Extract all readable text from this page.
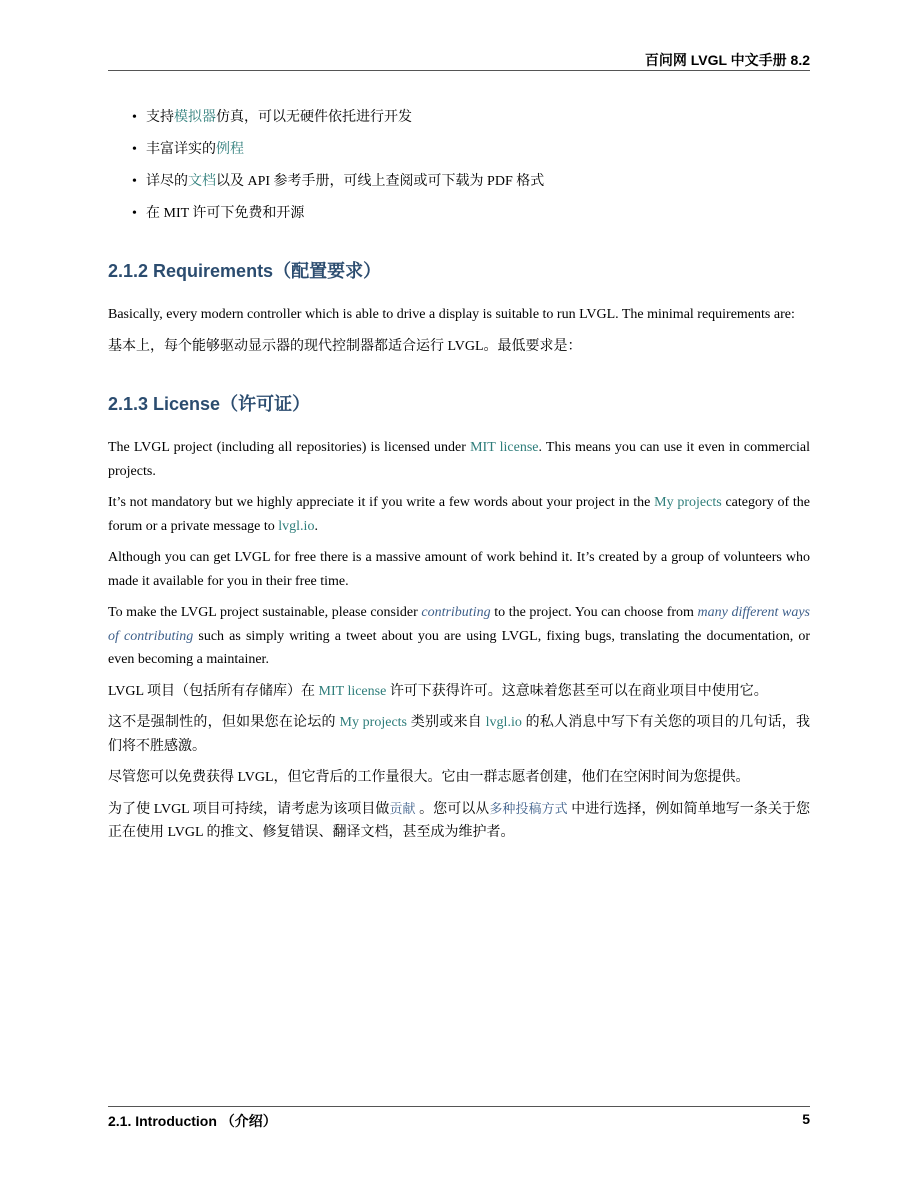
百问网 LVGL 中文手册 8.2
• 支持模拟器仿真，可以无硬件依托进行开发
• 丰富详实的例程
• 详尽的文档以及 API 参考手册，可线上查阅或可下载为 PDF 格式
• 在 MIT 许可下免费和开源
2.1.2 Requirements（配置要求）

Basically, every modern controller which is able to drive a display is suitable to run LVGL. The minimal requirements are:

基本上，每个能够驱动显示器的现代控制器都适合运行 LVGL。最低要求是：

2.1.3 License（许可证）

The LVGL project (including all repositories) is licensed under MIT license. This means you can use it even in commercial projects.

It’s not mandatory but we highly appreciate it if you write a few words about your project in the My projects category of the forum or a private message to lvgl.io.

Although you can get LVGL for free there is a massive amount of work behind it. It’s created by a group of volunteers who made it available for you in their free time.

To make the LVGL project sustainable, please consider contributing to the project. You can choose from many different ways of contributing such as simply writing a tweet about you are using LVGL, fixing bugs, translating the documentation, or even becoming a maintainer.

LVGL 项目（包括所有存储库）在 MIT license 许可下获得许可。这意味着您甚至可以在商业项目中使用它。

这不是强制性的，但如果您在论坛的 My projects 类别或来自 lvgl.io 的私人消息中写下有关您的项目的几句话，我们将不胜感激。

尽管您可以免费获得 LVGL，但它背后的工作量很大。它由一群志愿者创建，他们在空闲时间为您提供。

为了使 LVGL 项目可持续，请考虑为该项目做贡献 。您可以从多种投稿方式 中进行选择，例如简单地写一条关于您正在使用 LVGL 的推文、修复错误、翻译文档，甚至成为维护者。

2.1. Introduction （介绍）	5
